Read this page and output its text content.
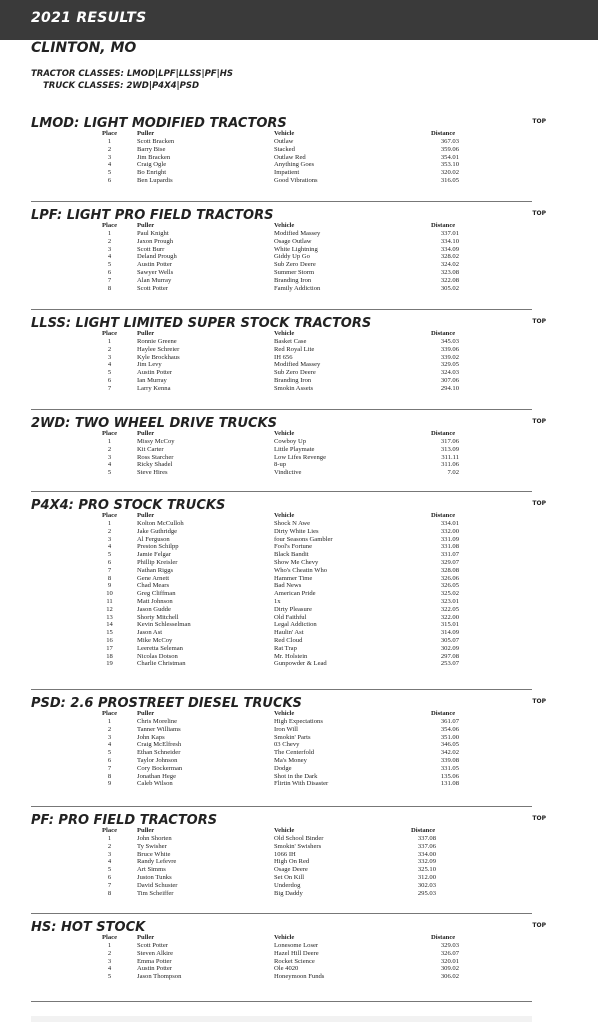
2021 RESULTS
CLINTON, MO
TRACTOR CLASSES: LMOD|LPF|LLSS|PF|HS
TRUCK CLASSES: 2WD|P4X4|PSD
LMOD: LIGHT MODIFIED TRACTORS	TOP
Place	Puller	Vehicle	Distance
1	Scott Bracken	Outlaw	367.03
2	Barry Bise	Stacked	359.06
3	Jim Bracken	Outlaw Red	354.01
4	Craig Ogle	Anything Goes	353.10
5	Bo Enright	Impatient	320.02
6	Ben Lupardis	Good Vibrations	316.05
LPF: LIGHT PRO FIELD TRACTORS	TOP
Place	Puller	Vehicle	Distance
1	Paul Knight	Modified Massey	337.01
2	Jaxon Prough	Osage Outlaw	334.10
3	Scott Burr	White Lightning	334.09
4	Deland Prough	Giddy Up Go	328.02
5	Austin Potter	Sub Zero Deere	324.02
6	Sawyer Wells	Summer Storm	323.08
7	Alan Murray	Branding Iron	322.08
8	Scott Potter	Family Addiction	305.02
LLSS: LIGHT LIMITED SUPER STOCK TRACTORS	TOP
Place	Puller	Vehicle	Distance
1	Ronnie Greene	Basket Case	345.03
2	Haylee Schreier	Red Royal Lite	339.06
3	Kyle Brockhaus	IH 656	339.02
4	Jim Levy	Modified Massey	329.05
5	Austin Potter	Sub Zero Deere	324.03
6	Ian Murray	Branding Iron	307.06
7	Larry Kenna	Smokin Assets	294.10
2WD: TWO WHEEL DRIVE TRUCKS	TOP
Place	Puller	Vehicle	Distance
1	Missy McCoy	Cowboy Up	317.06
2	Kit Carter	Little Playmate	313.09
3	Ross Starcher	Low Lifes Revenge	311.11
4	Ricky Shadel	8-up	311.06
5	Steve Hires	Vindictive	7.02
P4X4: PRO STOCK TRUCKS	TOP
Place	Puller	Vehicle	Distance
1	Kolton McCulloh	Shock N Awe	334.01
2	Jake Guthridge	Dirty White Lies	332.00
3	Al Ferguson	four Seasons Gambler	331.09
4	Preston Schilpp	Fool's Fortune	331.08
5	Jamie Felgar	Black Bandit	331.07
6	Phillip Kreisler	Show Me Chevy	329.07
7	Nathan Riggs	Who's Cheatin Who	328.08
8	Gene Arnett	Hammer Time	326.06
9	Chad Mears	Bad News	326.05
10	Greg Cliffman	American Pride	325.02
11	Matt Johnson	1x	323.01
12	Jason Gudde	Dirty Pleasure	322.05
13	Shorty Mitchell	Old Faithful	322.00
14	Kevin Schlesselman	Legal Addiction	315.01
15	Jason Ast	Haulin' Ast	314.09
16	Mike McCoy	Red Cloud	305.07
17	Leeretta Seleman	Rat Trap	302.09
18	Nicolas Dotson	Mr. Holstein	297.08
19	Charlie Christman	Gunpowder & Lead	253.07
PSD: 2.6 PROSTREET DIESEL TRUCKS	TOP
Place	Puller	Vehicle	Distance
1	Chris Moreline	High Expectations	361.07
2	Tanner Williams	Iron Will	354.06
3	John Kaps	Smokin' Parts	351.00
4	Craig McElfresh	03 Chevy	346.05
5	Ethan Schneider	The Centerfold	342.02
6	Taylor Johnson	Ma's Money	339.08
7	Cory Bockerman	Dodge	331.05
8	Jonathan Hege	Shot in the Dark	135.06
9	Caleb Wilson	Flirtin With Disaster	131.08
PF: PRO FIELD TRACTORS	TOP
Place	Puller	Vehicle	Distance
1	John Shorten	Old School Binder	337.08
2	Ty Swisher	Smokin' Swishers	337.06
3	Bruce White	1066 IH	334.00
4	Randy Lefevre	High On Red	332.09
5	Art Simms	Osage Deere	325.10
6	Juston Tunks	Set On Kill	312.00
7	David Schuster	Underdog	302.03
8	Tim Scheiffer	Big Daddy	295.03
HS: HOT STOCK	TOP
Place	Puller	Vehicle	Distance
1	Scott Potter	Lonesome Loser	329.03
2	Steven Alkire	Hazel Hill Deere	326.07
3	Emma Potter	Rocket Science	320.01
4	Austin Potter	Ole 4020	309.02
5	Jason Thompson	Honeymoon Funds	306.02
